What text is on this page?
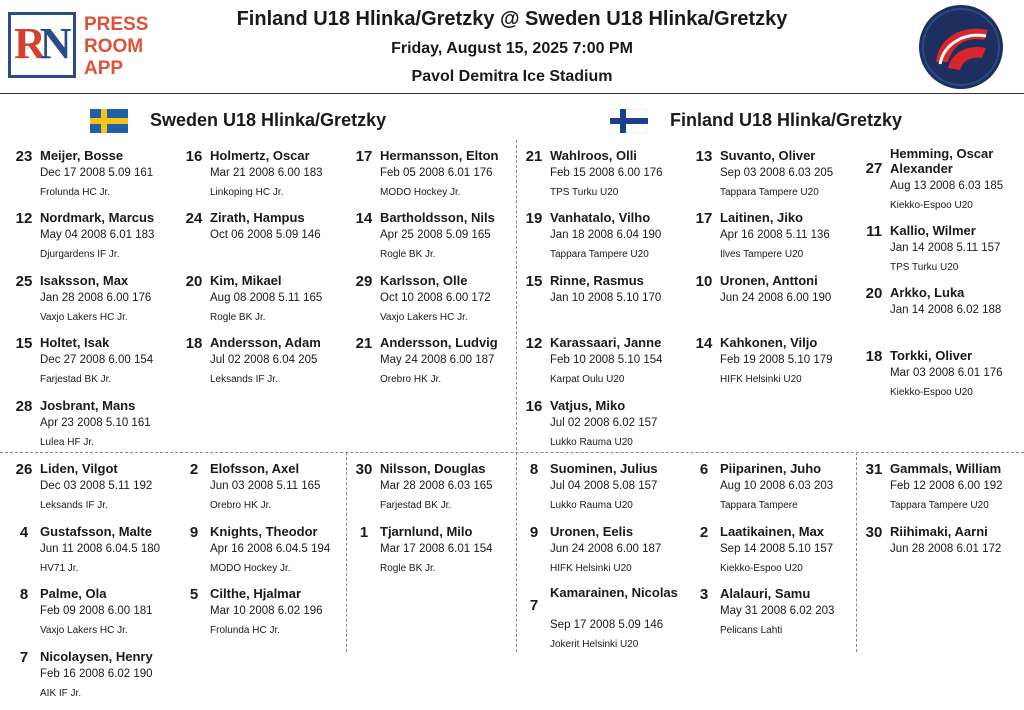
RN PRESS
ROOM
APP
Finland U18 Hlinka/Gretzky @ Sweden U18 Hlinka/Gretzky
Friday, August 15, 2025 7:00 PM
Pavol Demitra Ice Stadium
Sweden U18 Hlinka/Gretzky	Finland U18 Hlinka/Gretzky
23 Meijer, Bosse
Dec 17 2008 5.09 161
Frolunda HC Jr.
12 Nordmark, Marcus
May 04 2008 6.01 183
Djurgardens IF Jr.
25 Isaksson, Max
Jan 28 2008 6.00 176
Vaxjo Lakers HC Jr.
15 Holtet, Isak
Dec 27 2008 6.00 154
Farjestad BK Jr.
28 Josbrant, Mans
Apr 23 2008 5.10 161
Lulea HF Jr.
16 Holmertz, Oscar
Mar 21 2008 6.00 183
Linkoping HC Jr.
24 Zirath, Hampus
Oct 06 2008 5.09 146
20 Kim, Mikael
Aug 08 2008 5.11 165
Rogle BK Jr.
18 Andersson, Adam
Jul 02 2008 6.04 205
Leksands IF Jr.
17 Hermansson, Elton
Feb 05 2008 6.01 176
MODO Hockey Jr.
14 Bartholdsson, Nils
Apr 25 2008 5.09 165
Rogle BK Jr.
29 Karlsson, Olle
Oct 10 2008 6.00 172
Vaxjo Lakers HC Jr.
21 Andersson, Ludvig
May 24 2008 6.00 187
Orebro HK Jr.
21 Wahlroos, Olli
Feb 15 2008 6.00 176
TPS Turku U20
19 Vanhatalo, Vilho
Jan 18 2008 6.04 190
Tappara Tampere U20
15 Rinne, Rasmus
Jan 10 2008 5.10 170
12 Karassaari, Janne
Feb 10 2008 5.10 154
Karpat Oulu U20
16 Vatjus, Miko
Jul 02 2008 6.02 157
Lukko Rauma U20
13 Suvanto, Oliver
Sep 03 2008 6.03 205
Tappara Tampere U20
17 Laitinen, Jiko
Apr 16 2008 5.11 136
Ilves Tampere U20
10 Uronen, Anttoni
Jun 24 2008 6.00 190
14 Kahkonen, Viljo
Feb 19 2008 5.10 179
HIFK Helsinki U20
27
Hemming, Oscar Alexander
Aug 13 2008 6.03 185
Kiekko-Espoo U20
11 Kallio, Wilmer
Jan 14 2008 5.11 157
TPS Turku U20
20 Arkko, Luka
Jan 14 2008 6.02 188
18 Torkki, Oliver
Mar 03 2008 6.01 176
Kiekko-Espoo U20
26 Liden, Vilgot
Dec 03 2008 5.11 192
Leksands IF Jr.
4 Gustafsson, Malte
Jun 11 2008 6.04.5 180
HV71 Jr.
8 Palme, Ola
Feb 09 2008 6.00 181
Vaxjo Lakers HC Jr.
7 Nicolaysen, Henry
Feb 16 2008 6.02 190
AIK IF Jr.
2 Elofsson, Axel
Jun 03 2008 5.11 165
Orebro HK Jr.
9 Knights, Theodor
Apr 16 2008 6.04.5 194
MODO Hockey Jr.
5 Cilthe, Hjalmar
Mar 10 2008 6.02 196
Frolunda HC Jr.
30 Nilsson, Douglas
Mar 28 2008 6.03 165
Farjestad BK Jr.
1 Tjarnlund, Milo
Mar 17 2008 6.01 154
Rogle BK Jr.
8 Suominen, Julius
Jul 04 2008 5.08 157
Lukko Rauma U20
9 Uronen, Eelis
Jun 24 2008 6.00 187
HIFK Helsinki U20
7
Kamarainen, Nicolas
Sep 17 2008 5.09 146
Jokerit Helsinki U20
6 Piiparinen, Juho
Aug 10 2008 6.03 203
Tappara Tampere
2 Laatikainen, Max
Sep 14 2008 5.10 157
Kiekko-Espoo U20
3 Alalauri, Samu
May 31 2008 6.02 203
Pelicans Lahti
31 Gammals, William
Feb 12 2008 6.00 192
Tappara Tampere U20
30 Riihimaki, Aarni
Jun 28 2008 6.01 172
